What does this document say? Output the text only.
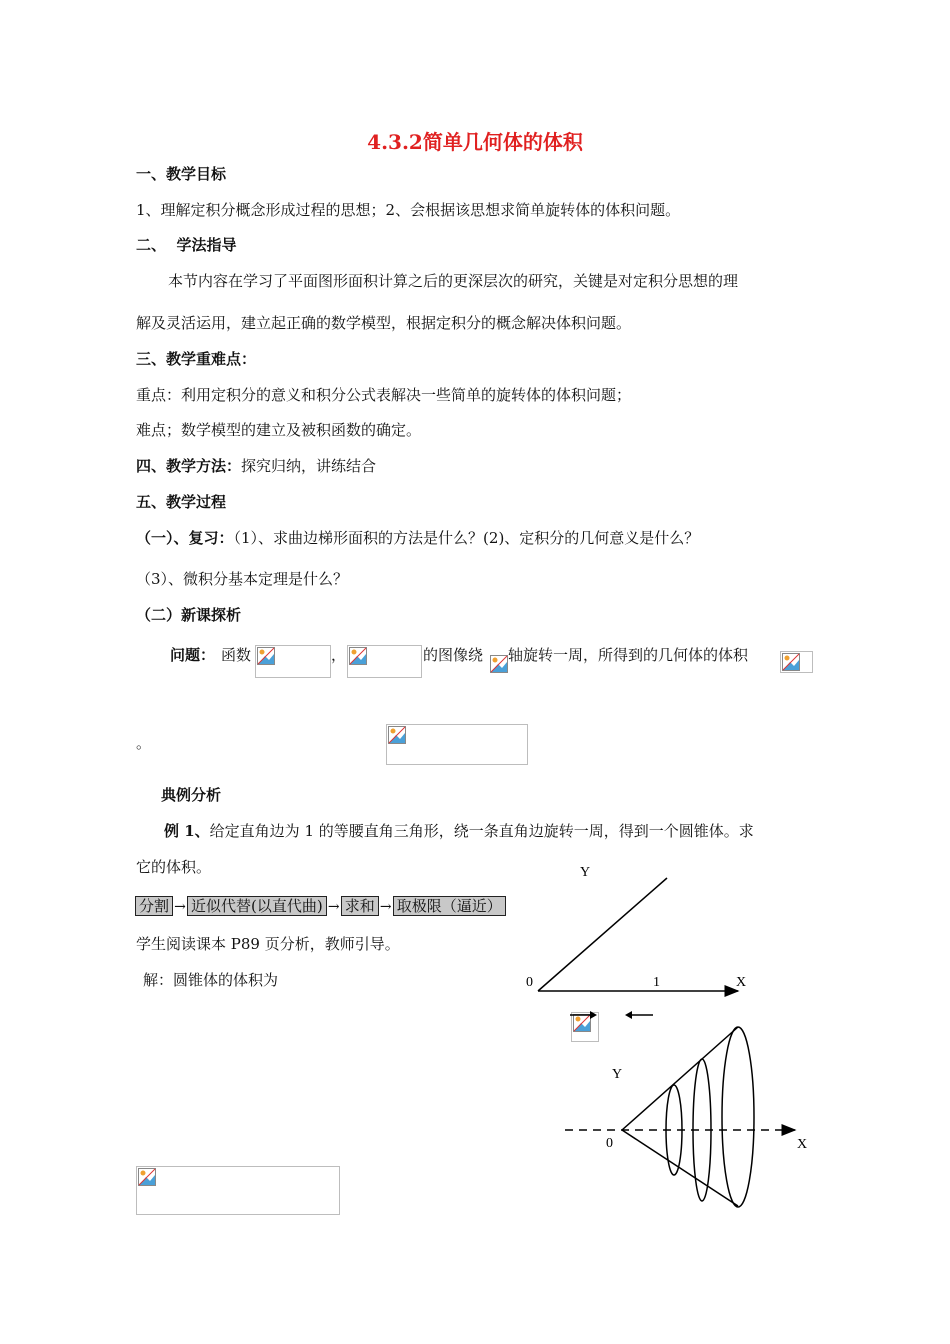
4.3.2简单几何体的体积
一、教学目标
1、理解定积分概念形成过程的思想；2、会根据该思想求简单旋转体的体积问题。
二、  学法指导
本节内容在学习了平面图形面积计算之后的更深层次的研究，关键是对定积分思想的理
解及灵活运用，建立起正确的数学模型，根据定积分的概念解决体积问题。
三、教学重难点：
重点：利用定积分的意义和积分公式表解决一些简单的旋转体的体积问题；
难点；数学模型的建立及被积函数的确定。
四、教学方法：探究归纳，讲练结合
五、教学过程
（一）、复习：（1）、求曲边梯形面积的方法是什么？(2)、定积分的几何意义是什么？
（3）、微积分基本定理是什么？
（二）新课探析
问题： 函数	，	的图像绕 轴旋转一周，所得到的几何体的体积
。
典例分析
例 1、给定直角边为 1 的等腰直角三角形，绕一条直角边旋转一周，得到一个圆锥体。求
它的体积。
分割 → 近似代替(以直代曲) → 求和 → 取极限（逼近）
学生阅读课本 P89 页分析，教师引导。
解：圆锥体的体积为
Y
0	1	X
Y
0	X
